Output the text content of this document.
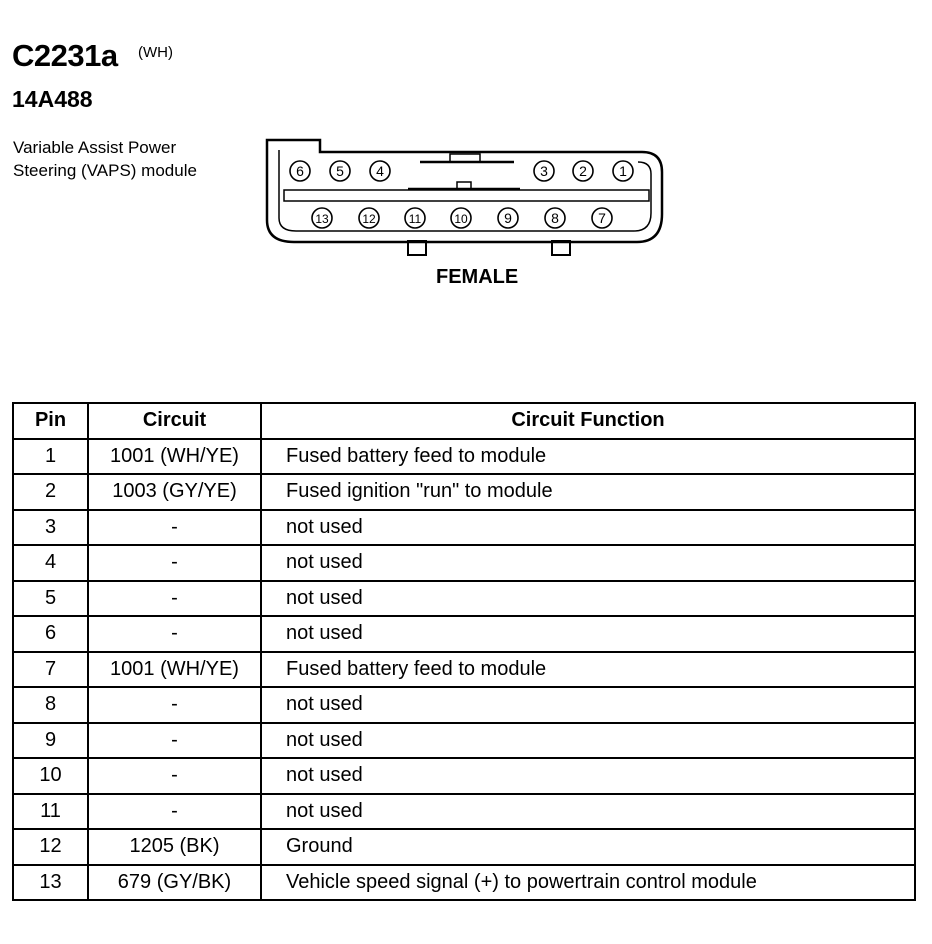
C2231a (WH)
14A488
Variable Assist Power Steering (VAPS) module	6 5 4	3 2 1
13	12	11	10	9	8	7
FEMALE
Pin	Circuit	Circuit Function
1	1001 (WH/YE)	Fused battery feed to module
2	1003 (GY/YE)	Fused ignition "run" to module
3	-	not used
4	-	not used
5	-	not used
6	-	not used
7	1001 (WH/YE)	Fused battery feed to module
8	-	not used
9	-	not used
10	-	not used
11	-	not used
12	1205 (BK)	Ground
13	679 (GY/BK)	Vehicle speed signal (+) to powertrain control module
